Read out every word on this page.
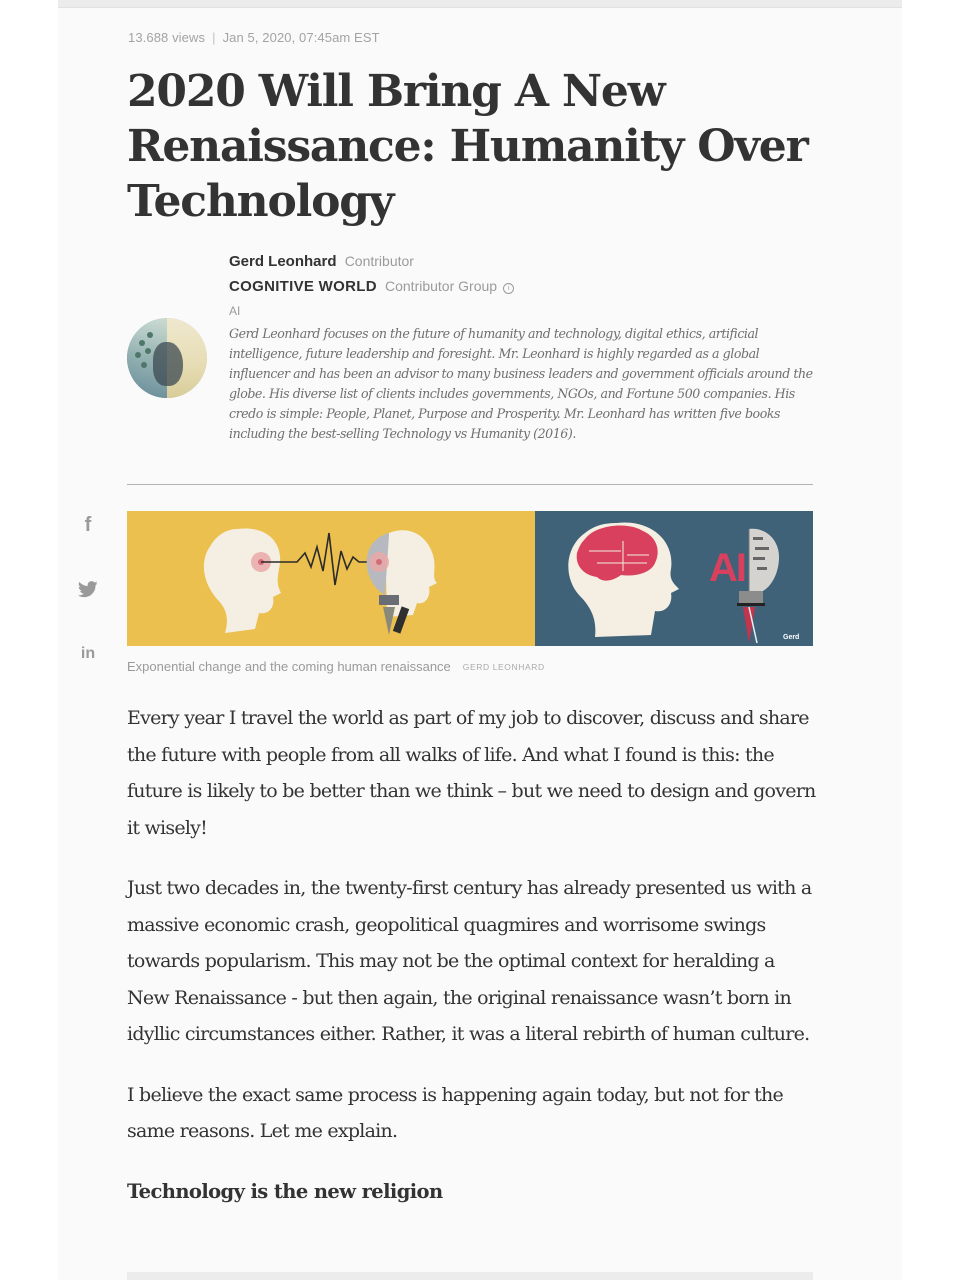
13.688 views | Jan 5, 2020, 07:45am EST
2020 Will Bring A New Renaissance: Humanity Over Technology
Gerd Leonhard Contributor
COGNITIVE WORLD Contributor Group i
AI
Gerd Leonhard focuses on the future of humanity and technology, digital ethics, artificial intelligence, future leadership and foresight. Mr. Leonhard is highly regarded as a global influencer and has been an advisor to many business leaders and government officials around the globe. His diverse list of clients includes governments, NGOs, and Fortune 500 companies. His credo is simple: People, Planet, Purpose and Prosperity. Mr. Leonhard has written five books including the best-selling Technology vs Humanity (2016).
f
in
AI
Gerd
Exponential change and the coming human renaissance GERD LEONHARD

Every year I travel the world as part of my job to discover, discuss and share the future with people from all walks of life. And what I found is this: the future is likely to be better than we think – but we need to design and govern it wisely!

Just two decades in, the twenty-first century has already presented us with a massive economic crash, geopolitical quagmires and worrisome swings towards popularism. This may not be the optimal context for heralding a New Renaissance - but then again, the original renaissance wasn’t born in idyllic circumstances either. Rather, it was a literal rebirth of human culture.

I believe the exact same process is happening again today, but not for the same reasons. Let me explain.

Technology is the new religion
